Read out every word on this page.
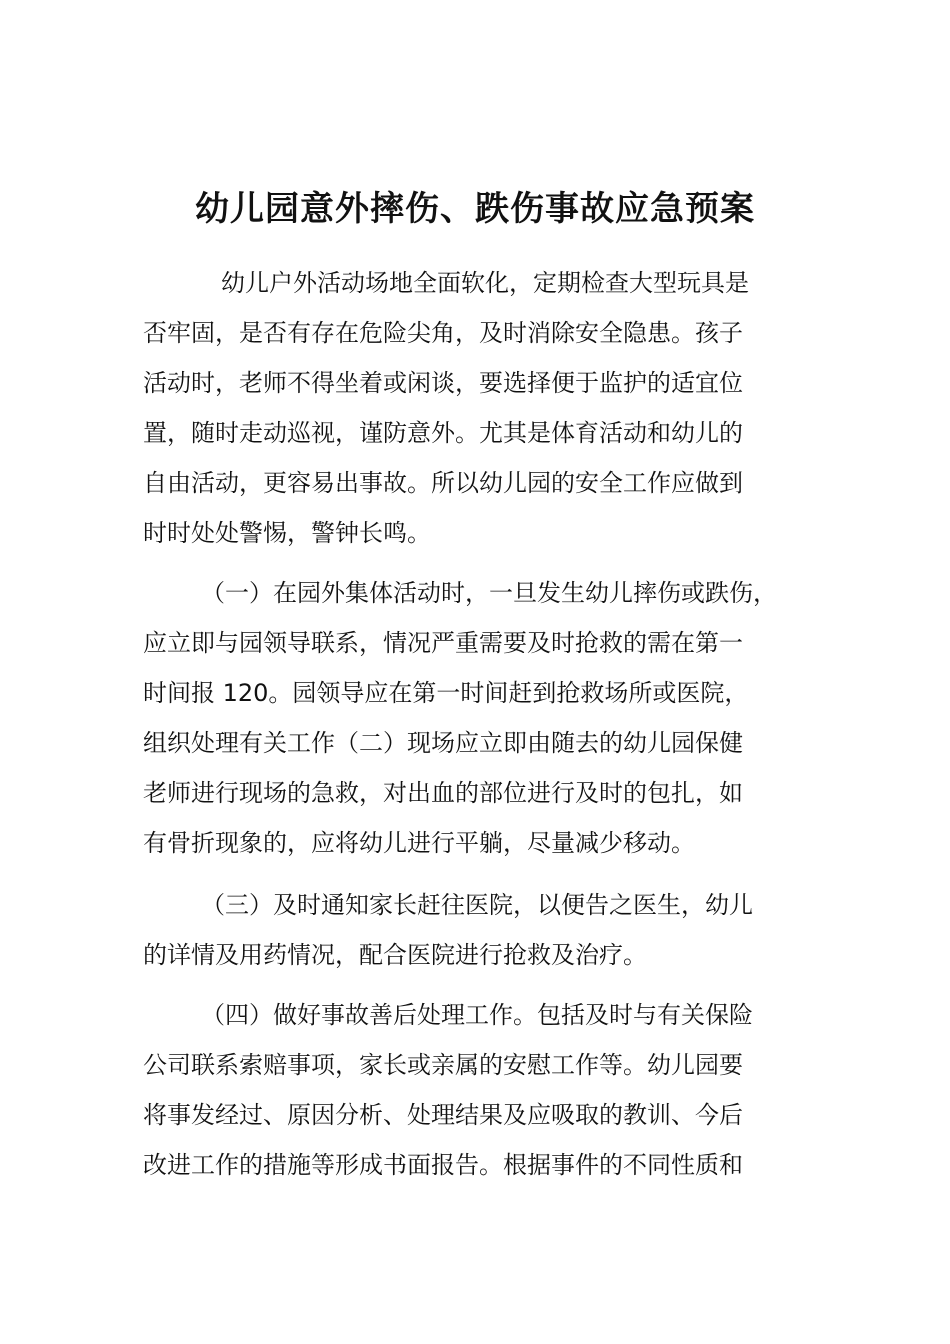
幼儿园意外摔伤、跌伤事故应急预案
幼儿户外活动场地全面软化，定期检查大型玩具是
否牢固，是否有存在危险尖角，及时消除安全隐患。孩子
活动时，老师不得坐着或闲谈，要选择便于监护的适宜位
置，随时走动巡视，谨防意外。尤其是体育活动和幼儿的
自由活动，更容易出事故。所以幼儿园的安全工作应做到
时时处处警惕，警钟长鸣。
（一）在园外集体活动时，一旦发生幼儿摔伤或跌伤，
应立即与园领导联系，情况严重需要及时抢救的需在第一
时间报 120。园领导应在第一时间赶到抢救场所或医院，
组织处理有关工作（二）现场应立即由随去的幼儿园保健
老师进行现场的急救，对出血的部位进行及时的包扎，如
有骨折现象的，应将幼儿进行平躺，尽量减少移动。
（三）及时通知家长赶往医院，以便告之医生，幼儿
的详情及用药情况，配合医院进行抢救及治疗。
（四）做好事故善后处理工作。包括及时与有关保险
公司联系索赔事项，家长或亲属的安慰工作等。幼儿园要
将事发经过、原因分析、处理结果及应吸取的教训、今后
改进工作的措施等形成书面报告。根据事件的不同性质和
